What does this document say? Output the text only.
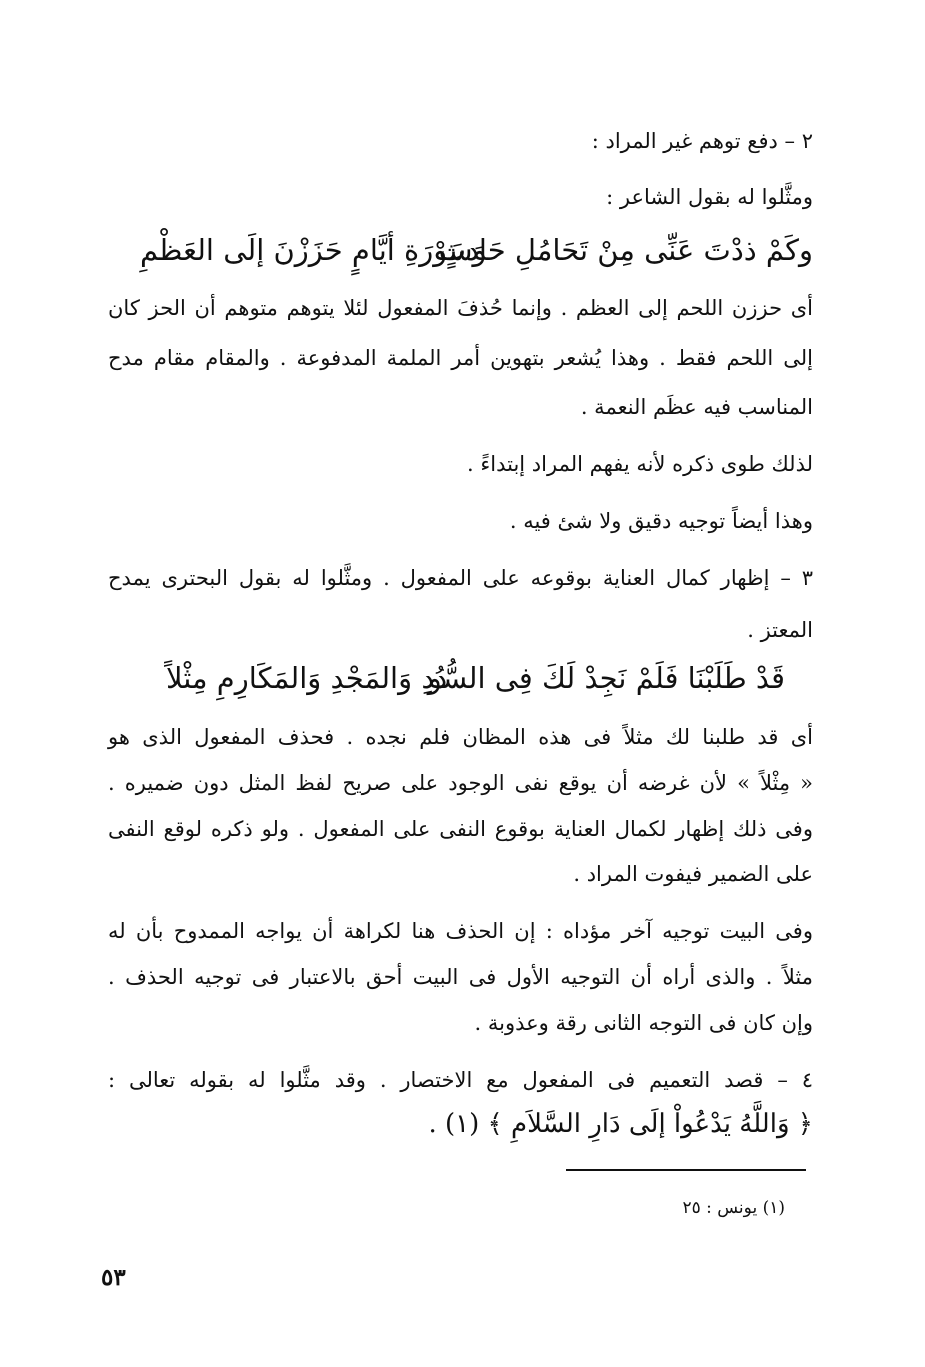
٢ – دفع توهم غير المراد :
ومثَّلوا له بقول الشاعر :
وكَمْ ذدْتَ عَنِّى مِنْ تَحَامُلِ حَادثٍ
وَسَوْرَةِ أيَّامٍ حَزَزْنَ إلَى العَظْمِ
أى حززن اللحم إلى العظم . وإنما حُذفَ المفعول لئلا يتوهم متوهم أن الحز كان
إلى اللحم فقط . وهذا يُشعر بتهوين أمر الملمة المدفوعة . والمقام مقام مدح
المناسب فيه عظَم النعمة .
لذلك طوى ذكره لأنه يفهم المراد إبتداءً .
وهذا أيضاً توجيه دقيق ولا شئ فيه .
٣ – إظهار كمال العناية بوقوعه على المفعول . ومثَّلوا له بقول البحترى يمدح
المعتز .
قَدْ طَلَبْنَا فَلَمْ نَجِدْ لَكَ فِى السُّو
دُدِ وَالمَجْدِ وَالمَكَارِمِ مِثْلاً
أى قد طلبنا لك مثلاً فى هذه المظان فلم نجده . فحذف المفعول الذى هو
« مِثْلاً » لأن غرضه أن يوقع نفى الوجود على صريح لفظ المثل دون ضميره .
وفى ذلك إظهار لكمال العناية بوقوع النفى على المفعول . ولو ذكره لوقع النفى
على الضمير فيفوت المراد .
وفى البيت توجيه آخر مؤداه : إن الحذف هنا لكراهة أن يواجه الممدوح بأن له
مثلاً . والذى أراه أن التوجيه الأول فى البيت أحق بالاعتبار فى توجيه الحذف .
وإن كان فى التوجه الثانى رقة وعذوبة .
٤ – قصد التعميم فى المفعول مع الاختصار . وقد مثَّلوا له بقوله تعالى :
﴿ وَاللَّهُ يَدْعُواْ إلَى دَارِ السَّلاَمِ ﴾ (١) .
(١) يونس : ٢٥
٥٣
